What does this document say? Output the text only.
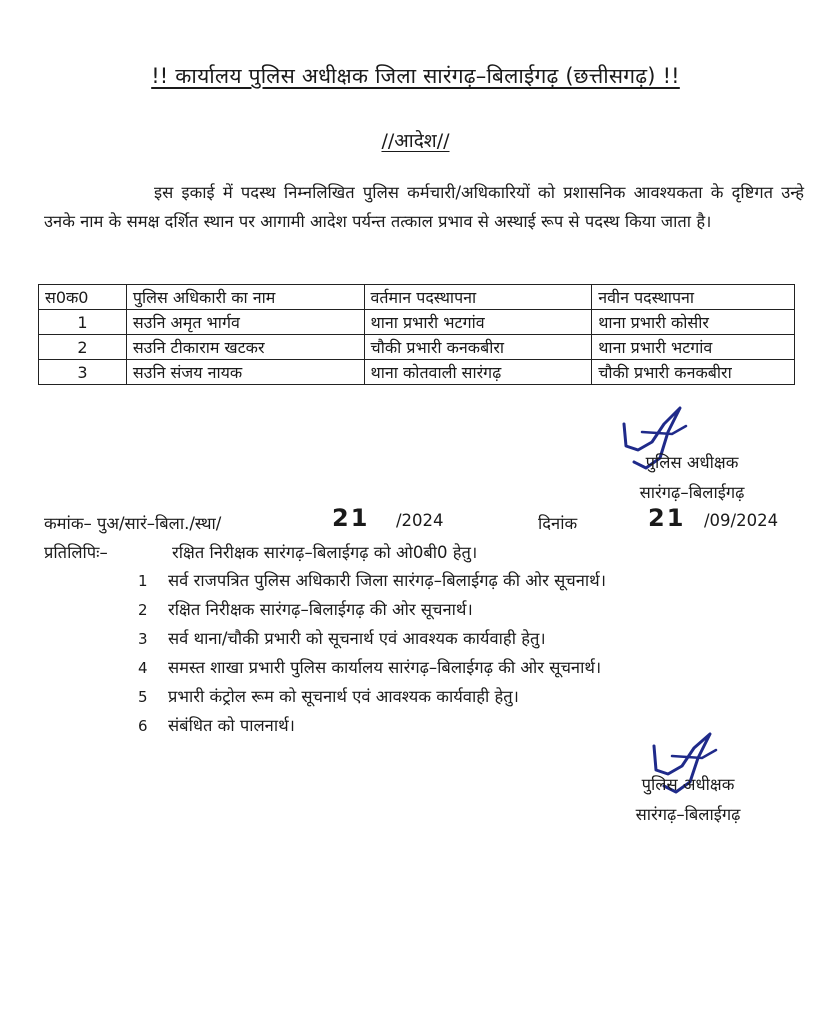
!! कार्यालय पुलिस अधीक्षक जिला सारंगढ़–बिलाईगढ़ (छत्तीसगढ़) !!
//आदेश//
इस इकाई में पदस्थ निम्नलिखित पुलिस कर्मचारी/अधिकारियों को प्रशासनिक आवश्यकता के दृष्टिगत उन्हे उनके नाम के समक्ष दर्शित स्थान पर आगामी आदेश पर्यन्त तत्काल प्रभाव से अस्थाई रूप से पदस्थ किया जाता है।
स0क0	पुलिस अधिकारी का नाम	वर्तमान पदस्थापना	नवीन पदस्थापना
1	सउनि अमृत भार्गव	थाना प्रभारी भटगांव	थाना प्रभारी कोसीर
2	सउनि टीकाराम खटकर	चौकी प्रभारी कनकबीरा	थाना प्रभारी भटगांव
3	सउनि संजय नायक	थाना कोतवाली सारंगढ़	चौकी प्रभारी कनकबीरा
पुलिस अधीक्षक
सारंगढ़–बिलाईगढ़
कमांक– पुअ/सारं–बिला./स्था/	21 /2024	दिनांक	21 /09/2024
प्रतिलिपिः–	रक्षित निरीक्षक सारंगढ़–बिलाईगढ़ को ओ0बी0 हेतु।
1 सर्व राजपत्रित पुलिस अधिकारी जिला सारंगढ़–बिलाईगढ़ की ओर सूचनार्थ।
2 रक्षित निरीक्षक सारंगढ़–बिलाईगढ़ की ओर सूचनार्थ।
3 सर्व थाना/चौकी प्रभारी को सूचनार्थ एवं आवश्यक कार्यवाही हेतु।
4 समस्त शाखा प्रभारी पुलिस कार्यालय सारंगढ़–बिलाईगढ़ की ओर सूचनार्थ।
5 प्रभारी कंट्रोल रूम को सूचनार्थ एवं आवश्यक कार्यवाही हेतु।
6 संबंधित को पालनार्थ।
पुलिस अधीक्षक
सारंगढ़–बिलाईगढ़
